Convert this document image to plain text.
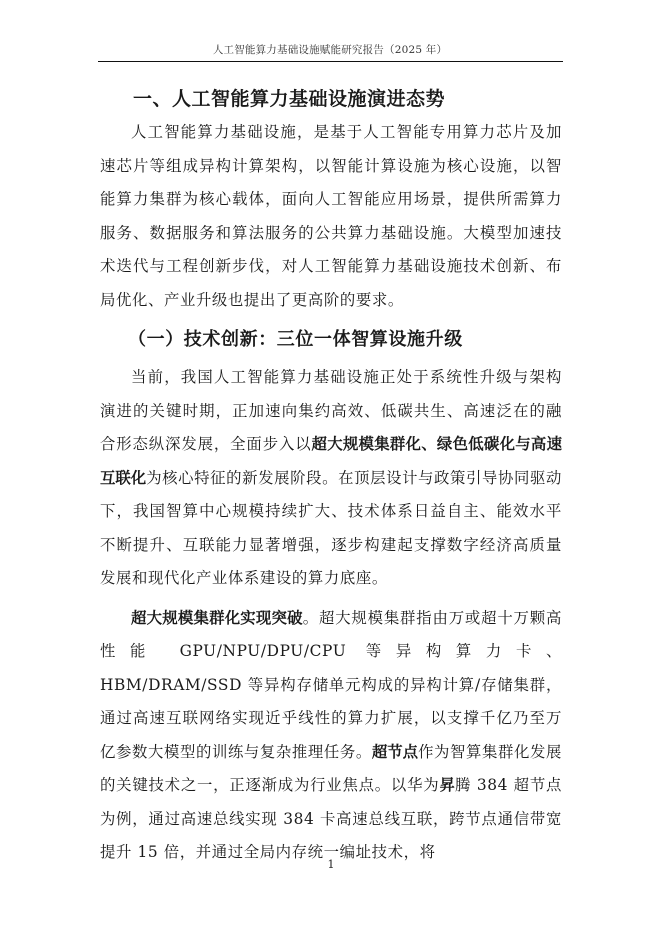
人工智能算力基础设施赋能研究报告（2025 年）
一、人工智能算力基础设施演进态势

人工智能算力基础设施，是基于人工智能专用算力芯片及加速芯片等组成异构计算架构，以智能计算设施为核心设施，以智能算力集群为核心载体，面向人工智能应用场景，提供所需算力服务、数据服务和算法服务的公共算力基础设施。大模型加速技术迭代与工程创新步伐，对人工智能算力基础设施技术创新、布局优化、产业升级也提出了更高阶的要求。

（一）技术创新：三位一体智算设施升级

当前，我国人工智能算力基础设施正处于系统性升级与架构演进的关键时期，正加速向集约高效、低碳共生、高速泛在的融合形态纵深发展，全面步入以超大规模集群化、绿色低碳化与高速互联化为核心特征的新发展阶段。在顶层设计与政策引导协同驱动下，我国智算中心规模持续扩大、技术体系日益自主、能效水平不断提升、互联能力显著增强，逐步构建起支撑数字经济高质量发展和现代化产业体系建设的算力底座。

超大规模集群化实现突破。超大规模集群指由万或超十万颗高性能 GPU/NPU/DPU/CPU 等异构算力卡、HBM/DRAM/SSD 等异构存储单元构成的异构计算/存储集群，通过高速互联网络实现近乎线性的算力扩展，以支撑千亿乃至万亿参数大模型的训练与复杂推理任务。超节点作为智算集群化发展的关键技术之一，正逐渐成为行业焦点。以华为昇腾 384 超节点为例，通过高速总线实现 384 卡高速总线互联，跨节点通信带宽提升 15 倍，并通过全局内存统一编址技术，将

1
